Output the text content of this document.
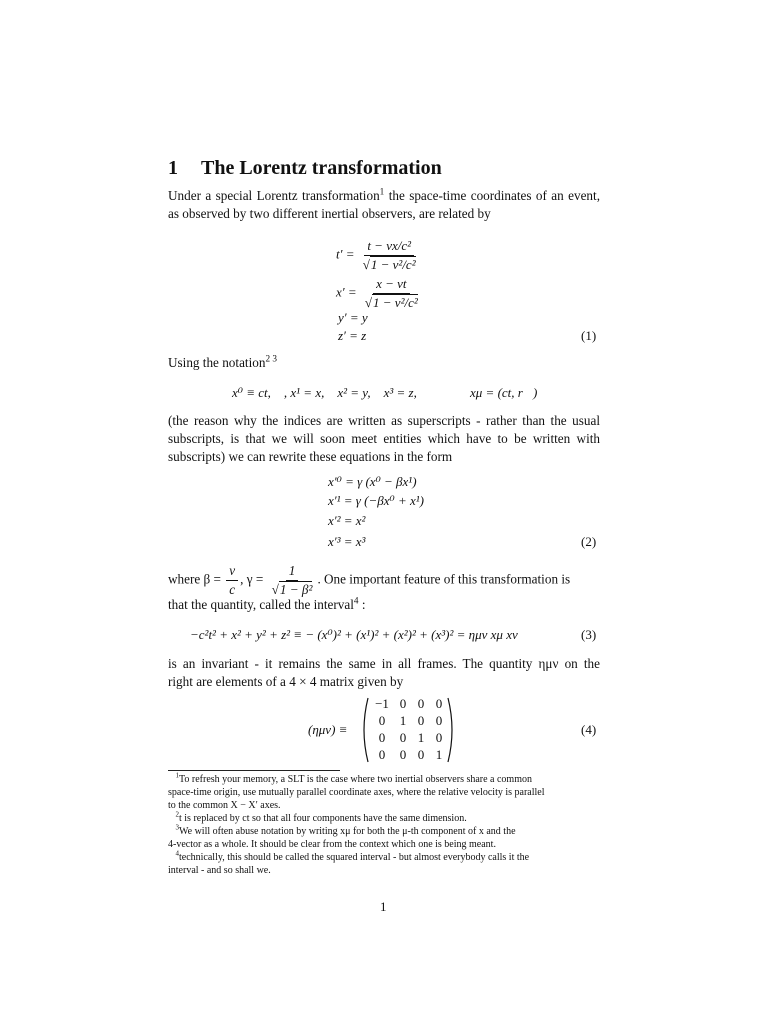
1 The Lorentz transformation
Under a special Lorentz transformation$^1$ the space-time coordinates of an event,
as observed by two different inertial observers, are related by
$t' = \frac{\text{t − vx/c²}}{\text{√1 − v²/c²}}$
$x' = \frac{x - vt}{\text{√1 − v²/c²}}$
y′ = y
z′ = z	(1)
Using the notation$^{2 3}$
x⁰ ≡ ct,    , x¹ = x,    x² = y,    x³ = z,	xμ = (ct, r⃗)
(the reason why the indices are written as superscripts - rather than the usual
subscripts, is that we will soon meet entities which have to be written with
subscripts) we can rewrite these equations in the form
x′⁰ = γ (x⁰ − βx¹)
x′¹ = γ (−βx⁰ + x¹)
x′² = x²
x′³ = x³	(2)
where $\beta = \frac{v}{c}$ , $\gamma = \frac{1}{\text{√1 − β²}}$ . One important feature of this transformation is
that the quantity, called the interval$^4$ :
−c²t² + x² + y² + z² ≡ − (x⁰)² + (x¹)² + (x²)² + (x³)² = ημν xμ xν	(3)
is an invariant - it remains the same in all frames. The quantity ημν on the
right are elements of a 4 × 4 matrix given by
(ημν) ≡
−1 0 0 0
0	1 0 0
0	0 1 0
0	0 0 1
(4)
$^1$To refresh your memory, a SLT is the case where two inertial observers share a common
space-time origin, use mutually parallel coordinate axes, where the relative velocity is parallel
to the common X − X′ axes.
$^2$t is replaced by ct so that all four components have the same dimension.
$^3$We will often abuse notation by writing xμ for both the μ-th component of x and the
4-vector as a whole. It should be clear from the context which one is being meant.
$^4$technically, this should be called the squared interval - but almost everybody calls it the
interval - and so shall we.
1
